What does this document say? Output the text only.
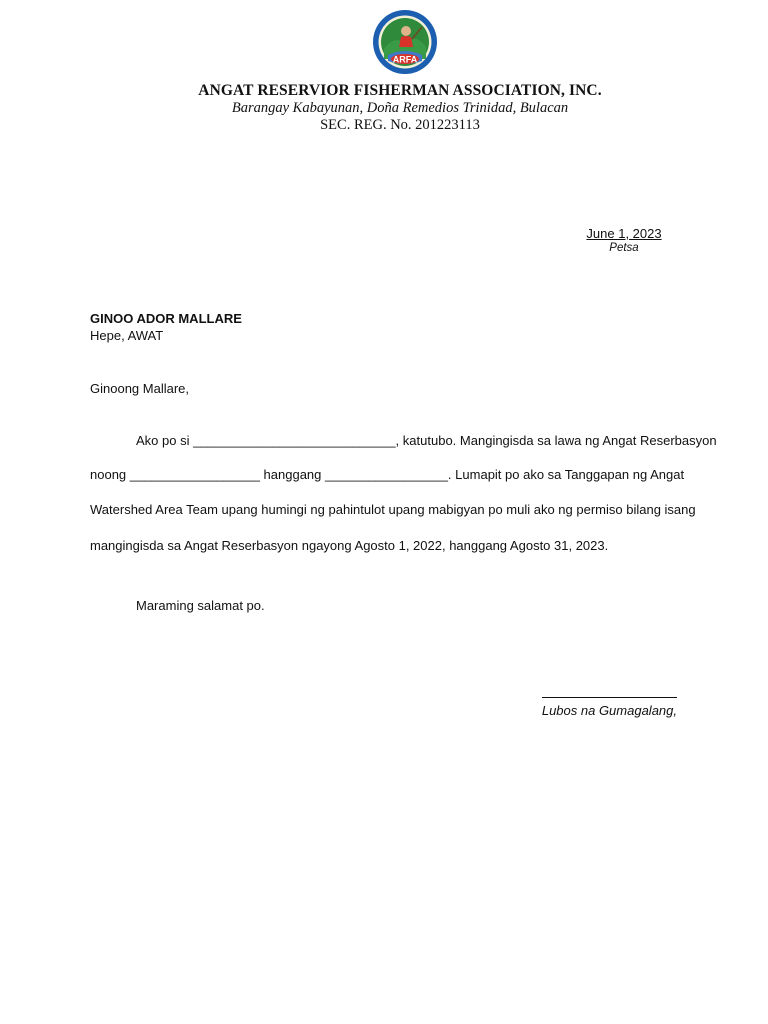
ARFA
ANGAT RESERVIOR FISHERMAN ASSOCIATION, INC.
Barangay Kabayunan, Doña Remedios Trinidad, Bulacan
SEC. REG. No. 201223113
June 1, 2023
Petsa
GINOO ADOR MALLARE
Hepe, AWAT
Ginoong Mallare,
Ako po si ____________________________, katutubo. Mangingisda sa lawa ng Angat Reserbasyon
noong __________________ hanggang _________________. Lumapit po ako sa Tanggapan ng Angat
Watershed Area Team upang humingi ng pahintulot upang mabigyan po muli ako ng permiso bilang isang
mangingisda sa Angat Reserbasyon ngayong Agosto 1, 2022, hanggang Agosto 31, 2023.
Maraming salamat po.
Lubos na Gumagalang,
